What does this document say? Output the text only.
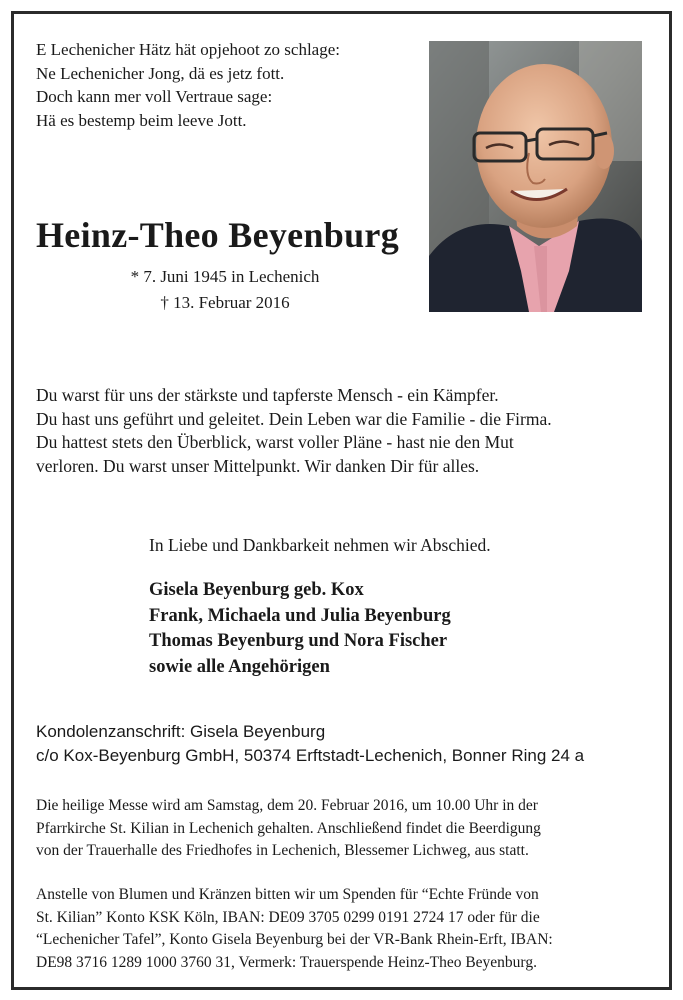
E Lechenicher Hätz hät opjehoot zo schlage:
Ne Lechenicher Jong, dä es jetz fott.
Doch kann mer voll Vertraue sage:
Hä es bestemp beim leeve Jott.
Heinz-Theo Beyenburg
* 7. Juni 1945 in Lechenich
† 13. Februar 2016
Du warst für uns der stärkste und tapferste Mensch - ein Kämpfer.
Du hast uns geführt und geleitet. Dein Leben war die Familie - die Firma.
Du hattest stets den Überblick, warst voller Pläne - hast nie den Mut
verloren. Du warst unser Mittelpunkt. Wir danken Dir für alles.
In Liebe und Dankbarkeit nehmen wir Abschied.
Gisela Beyenburg geb. Kox
Frank, Michaela und Julia Beyenburg
Thomas Beyenburg und Nora Fischer
sowie alle Angehörigen
Kondolenzanschrift: Gisela Beyenburg
c/o Kox-Beyenburg GmbH, 50374 Erftstadt-Lechenich, Bonner Ring 24 a
Die heilige Messe wird am Samstag, dem 20. Februar 2016, um 10.00 Uhr in der
Pfarrkirche St. Kilian in Lechenich gehalten. Anschließend findet die Beerdigung
von der Trauerhalle des Friedhofes in Lechenich, Blessemer Lichweg, aus statt.
Anstelle von Blumen und Kränzen bitten wir um Spenden für “Echte Fründe von
St. Kilian” Konto KSK Köln, IBAN: DE09 3705 0299 0191 2724 17 oder für die
“Lechenicher Tafel”, Konto Gisela Beyenburg bei der VR-Bank Rhein-Erft, IBAN:
DE98 3716 1289 1000 3760 31, Vermerk: Trauerspende Heinz-Theo Beyenburg.
